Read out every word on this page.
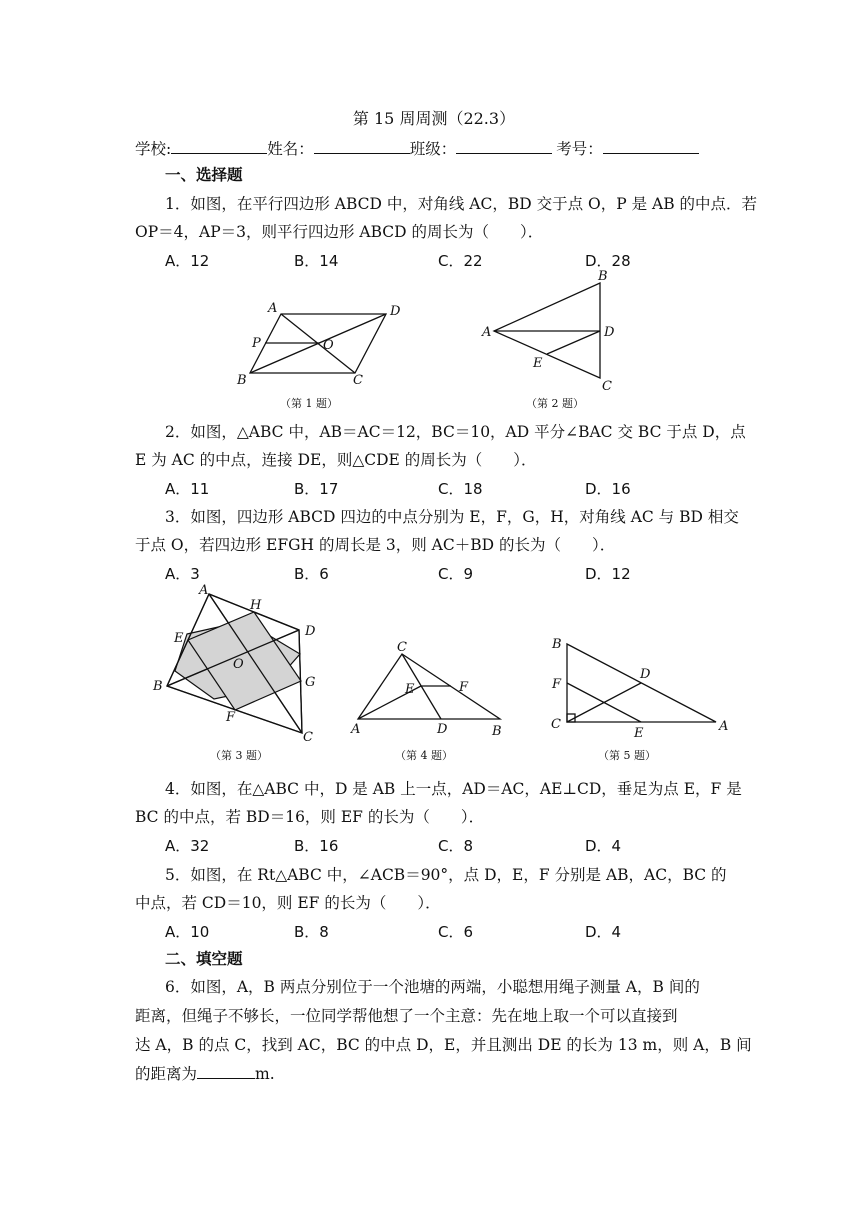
第 15 周周测（22.3）
学校:	姓名：	班级：	考号：
一、选择题
1．如图，在平行四边形 ABCD 中，对角线 AC，BD 交于点 O，P 是 AB 的中点．若
OP＝4，AP＝3，则平行四边形 ABCD 的周长为（　　）．
A．12	B．14	C．22	D．28
A	D
P	O
B	C
（第 1 题）
B
A	D
E
C
（第 2 题）
2．如图，△ABC 中，AB＝AC＝12，BC＝10，AD 平分∠BAC 交 BC 于点 D，点
E 为 AC 的中点，连接 DE，则△CDE 的周长为（　　）．
A．11	B．17	C．18	D．16
3．如图，四边形 ABCD 四边的中点分别为 E，F，G，H，对角线 AC 与 BD 相交
于点 O，若四边形 EFGH 的周长是 3，则 AC＋BD 的长为（　　）．
A．3	B．6	C．9	D．12
A
H
D
E
O
G
B
F
C
（第 3 题）
C
E	F
A	D	B
（第 4 题）
B
D
F
C
E	A
（第 5 题）
4．如图，在△ABC 中，D 是 AB 上一点，AD＝AC，AE⊥CD，垂足为点 E，F 是
BC 的中点，若 BD＝16，则 EF 的长为（　　）．
A．32	B．16	C．8	D．4
5．如图，在 Rt△ABC 中，∠ACB＝90°，点 D，E，F 分别是 AB，AC，BC 的
中点，若 CD＝10，则 EF 的长为（　　）．
A．10	B．8	C．6	D．4
二、填空题
6．如图，A，B 两点分别位于一个池塘的两端，小聪想用绳子测量 A，B 间的
距离，但绳子不够长，一位同学帮他想了一个主意：先在地上取一个可以直接到
达 A，B 的点 C，找到 AC，BC 的中点 D，E，并且测出 DE 的长为 13 m，则 A，B 间
的距离为	m.
